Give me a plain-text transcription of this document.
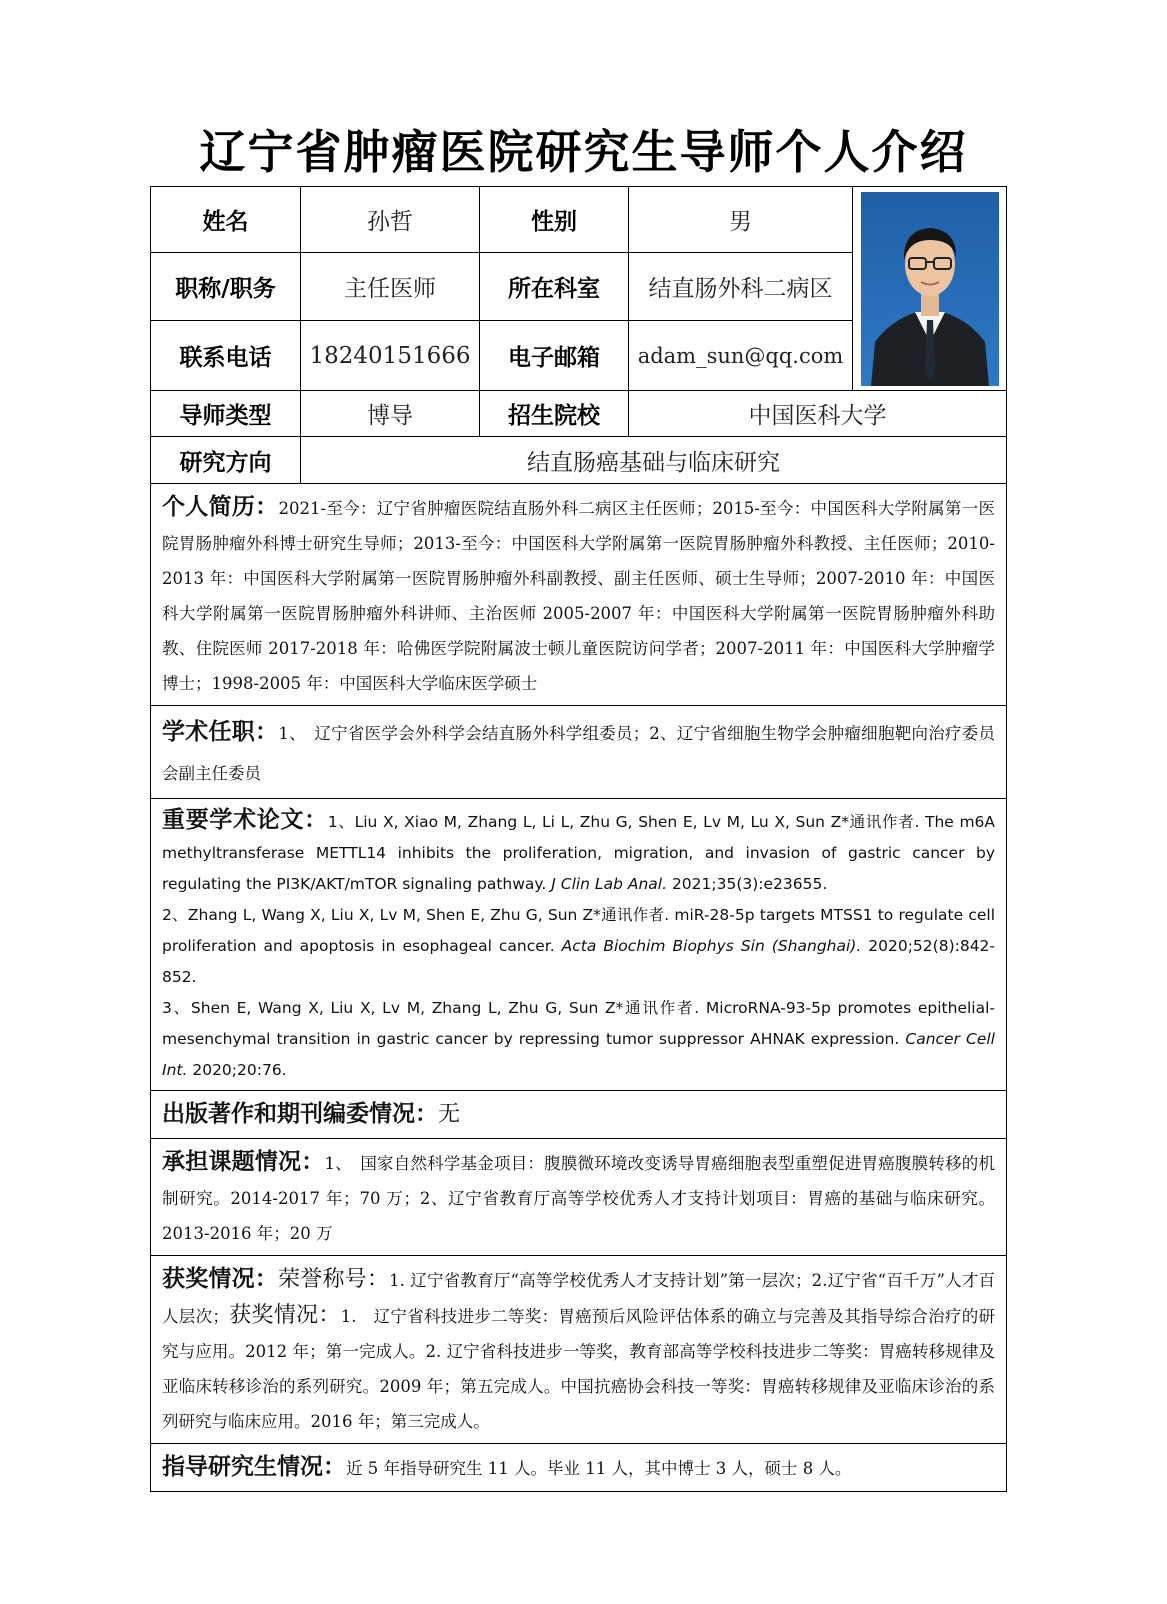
辽宁省肿瘤医院研究生导师个人介绍
姓名	孙哲	性别	男	

职称/职务	主任医师	所在科室	结直肠外科二病区	
联系电话	18240151666	电子邮箱	adam_sun@qq.com	
导师类型	博导	招生院校	中国医科大学	
研究方向	结直肠癌基础与临床研究			

个人简历：2021-至今：辽宁省肿瘤医院结直肠外科二病区主任医师；2015-至今：中国医科大学附属第一医院胃肠肿瘤外科博士研究生导师；2013-至今：中国医科大学附属第一医院胃肠肿瘤外科教授、主任医师；2010-2013 年：中国医科大学附属第一医院胃肠肿瘤外科副教授、副主任医师、硕士生导师；2007-2010 年：中国医科大学附属第一医院胃肠肿瘤外科讲师、主治医师 2005-2007 年：中国医科大学附属第一医院胃肠肿瘤外科助教、住院医师 2017-2018 年：哈佛医学院附属波士顿儿童医院访问学者；2007-2011 年：中国医科大学肿瘤学博士；1998-2005 年：中国医科大学临床医学硕士				

学术任职：1、　辽宁省医学会外科学会结直肠外科学组委员；2、辽宁省细胞生物学会肿瘤细胞靶向治疗委员会副主任委员				

重要学术论文：1、Liu X, Xiao M, Zhang L, Li L, Zhu G, Shen E, Lv M, Lu X, Sun Z*通讯作者. The m6A methyltransferase METTL14 inhibits the proliferation, migration, and invasion of gastric cancer by regulating the PI3K/AKT/mTOR signaling pathway. J Clin Lab Anal. 2021;35(3):e23655.
2、Zhang L, Wang X, Liu X, Lv M, Shen E, Zhu G, Sun Z*通讯作者. miR-28-5p targets MTSS1 to regulate cell proliferation and apoptosis in esophageal cancer. Acta Biochim Biophys Sin (Shanghai). 2020;52(8):842-852.
3、Shen E, Wang X, Liu X, Lv M, Zhang L, Zhu G, Sun Z*通讯作者. MicroRNA-93-5p promotes epithelial-mesenchymal transition in gastric cancer by repressing tumor suppressor AHNAK expression. Cancer Cell Int. 2020;20:76.				

出版著作和期刊编委情况：无				

承担课题情况：1、　国家自然科学基金项目：腹膜微环境改变诱导胃癌细胞表型重塑促进胃癌腹膜转移的机制研究。2014-2017 年；70 万；2、辽宁省教育厅高等学校优秀人才支持计划项目：胃癌的基础与临床研究。2013-2016 年；20 万				

获奖情况：荣誉称号：1. 辽宁省教育厅“高等学校优秀人才支持计划”第一层次；2.辽宁省“百千万”人才百人层次；获奖情况：1.　辽宁省科技进步二等奖：胃癌预后风险评估体系的确立与完善及其指导综合治疗的研究与应用。2012 年；第一完成人。2. 辽宁省科技进步一等奖，教育部高等学校科技进步二等奖：胃癌转移规律及亚临床转移诊治的系列研究。2009 年；第五完成人。中国抗癌协会科技一等奖：胃癌转移规律及亚临床诊治的系列研究与临床应用。2016 年；第三完成人。				

指导研究生情况：近 5 年指导研究生 11 人。毕业 11 人，其中博士 3 人，硕士 8 人。				
